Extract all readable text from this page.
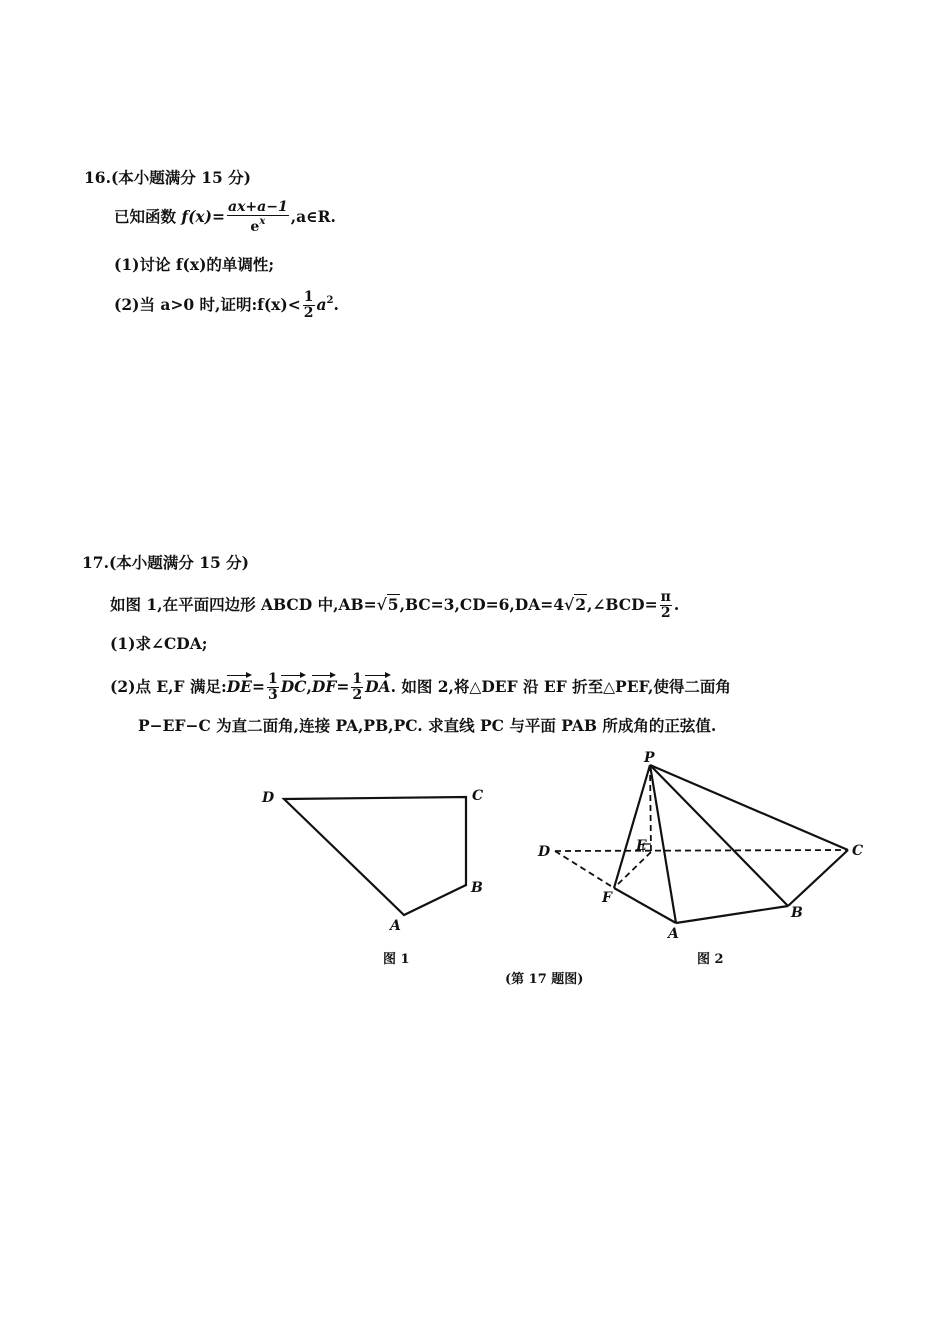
16.(本小题满分 15 分)
已知函数 $f(x)= \frac{ax+a-1}{e^x}$ ,a∈R.
(1)讨论 f(x)的单调性;
(2)当 a>0 时,证明:f(x)< $\frac{1}{2} a^2$.
17.(本小题满分 15 分)
如图 1,在平面四边形 ABCD 中,AB=√5,BC=3,CD=6,DA=4√2,∠BCD= $\frac{\pi}{2}$ .
(1)求∠CDA;
(2)点 E,F 满足:DE= $\frac{1}{3} DC,DF= \frac{1}{2}$ DA. 如图 2,将△DEF 沿 EF 折至△PEF,使得二面角
P−EF−C 为直二面角,连接 PA,PB,PC. 求直线 PC 与平面 PAB 所成角的正弦值.
D	C
B
A
P
D	E	C
F
A
B
图 1	图 2
(第 17 题图)
